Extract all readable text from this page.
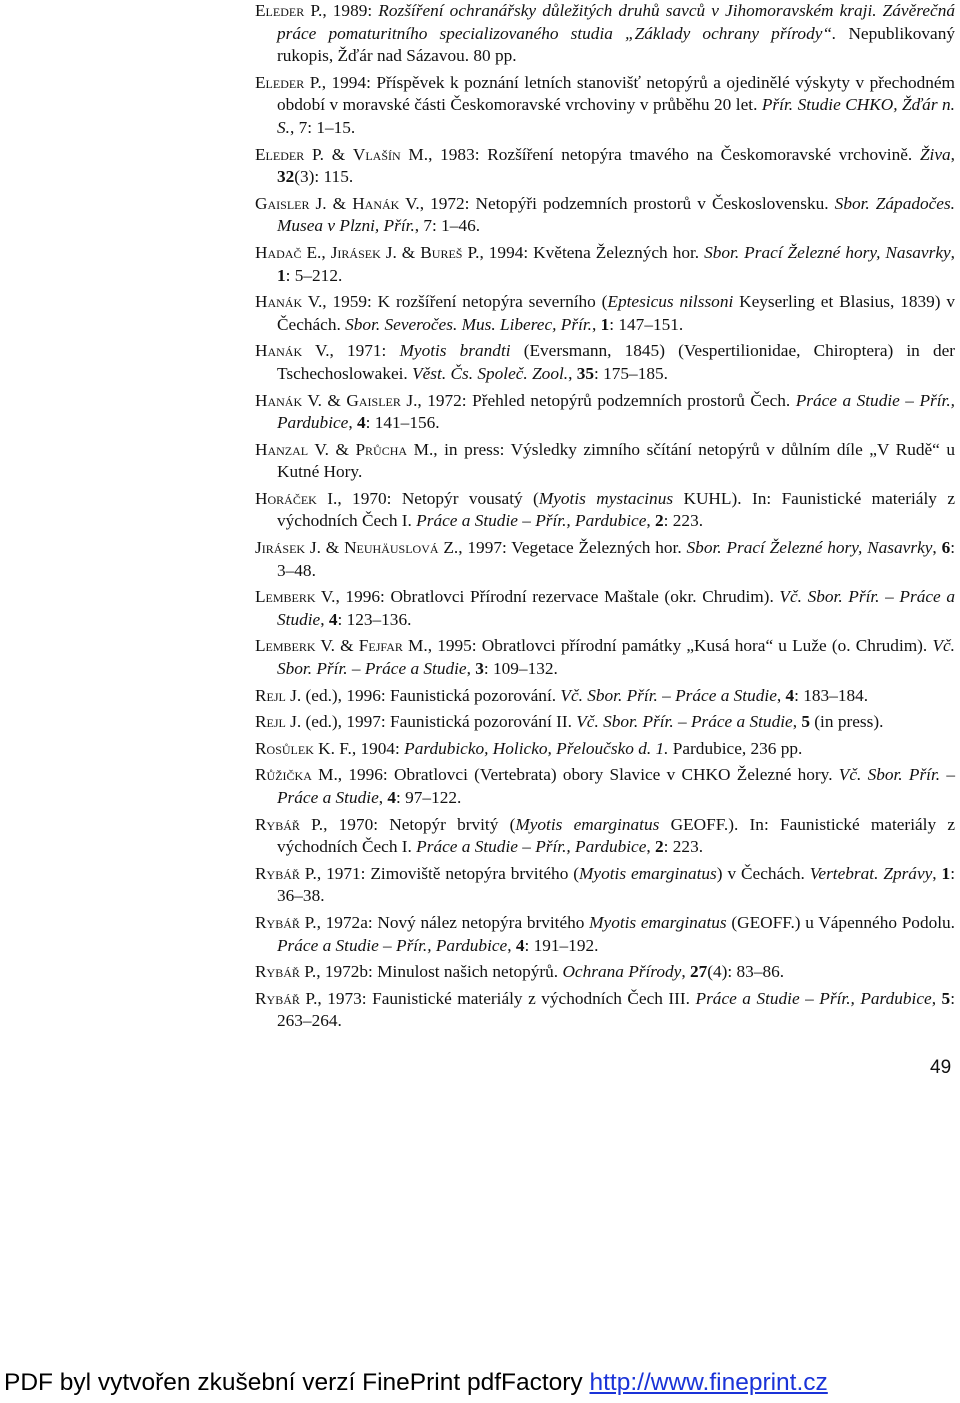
Eleder P., 1989: Rozšíření ochranářsky důležitých druhů savců v Jihomoravském kraji. Závěrečná práce pomaturitního specializovaného studia „Základy ochrany přírody“. Nepublikovaný rukopis, Žďár nad Sázavou. 80 pp.

Eleder P., 1994: Příspěvek k poznání letních stanovišť netopýrů a ojedinělé výskyty v přechodném období v moravské části Českomoravské vrchoviny v průběhu 20 let. Přír. Studie CHKO, Žďár n. S., 7: 1–15.

Eleder P. & Vlašín M., 1983: Rozšíření netopýra tmavého na Českomoravské vrchovině. Živa, 32(3): 115.

Gaisler J. & Hanák V., 1972: Netopýři podzemních prostorů v Československu. Sbor. Západočes. Musea v Plzni, Přír., 7: 1–46.

Hadač E., Jirásek J. & Bureš P., 1994: Květena Železných hor. Sbor. Prací Železné hory, Nasavrky, 1: 5–212.

Hanák V., 1959: K rozšíření netopýra severního (Eptesicus nilssoni Keyserling et Blasius, 1839) v Čechách. Sbor. Severočes. Mus. Liberec, Přír., 1: 147–151.

Hanák V., 1971: Myotis brandti (Eversmann, 1845) (Vespertilionidae, Chiroptera) in der Tschechoslowakei. Věst. Čs. Společ. Zool., 35: 175–185.

Hanák V. & Gaisler J., 1972: Přehled netopýrů podzemních prostorů Čech. Práce a Studie – Přír., Pardubice, 4: 141–156.

Hanzal V. & Průcha M., in press: Výsledky zimního sčítání netopýrů v důlním díle „V Rudě“ u Kutné Hory.

Horáček I., 1970: Netopýr vousatý (Myotis mystacinus KUHL). In: Faunistické materiály z východních Čech I. Práce a Studie – Přír., Pardubice, 2: 223.

Jirásek J. & Neuhäuslová Z., 1997: Vegetace Železných hor. Sbor. Prací Železné hory, Nasavrky, 6: 3–48.

Lemberk V., 1996: Obratlovci Přírodní rezervace Maštale (okr. Chrudim). Vč. Sbor. Přír. – Práce a Studie, 4: 123–136.

Lemberk V. & Fejfar M., 1995: Obratlovci přírodní památky „Kusá hora“ u Luže (o. Chrudim). Vč. Sbor. Přír. – Práce a Studie, 3: 109–132.

Rejl J. (ed.), 1996: Faunistická pozorování. Vč. Sbor. Přír. – Práce a Studie, 4: 183–184.

Rejl J. (ed.), 1997: Faunistická pozorování II. Vč. Sbor. Přír. – Práce a Studie, 5 (in press).

Rosůlek K. F., 1904: Pardubicko, Holicko, Přeloučsko d. 1. Pardubice, 236 pp.

Růžička M., 1996: Obratlovci (Vertebrata) obory Slavice v CHKO Železné hory. Vč. Sbor. Přír. – Práce a Studie, 4: 97–122.

Rybář P., 1970: Netopýr brvitý (Myotis emarginatus GEOFF.). In: Faunistické materiály z východních Čech I. Práce a Studie – Přír., Pardubice, 2: 223.

Rybář P., 1971: Zimoviště netopýra brvitého (Myotis emarginatus) v Čechách. Vertebrat. Zprávy, 1: 36–38.

Rybář P., 1972a: Nový nález netopýra brvitého Myotis emarginatus (GEOFF.) u Vápenného Podolu. Práce a Studie – Přír., Pardubice, 4: 191–192.

Rybář P., 1972b: Minulost našich netopýrů. Ochrana Přírody, 27(4): 83–86.

Rybář P., 1973: Faunistické materiály z východních Čech III. Práce a Studie – Přír., Pardubice, 5: 263–264.

49
PDF byl vytvořen zkušební verzí FinePrint pdfFactory http://www.fineprint.cz
